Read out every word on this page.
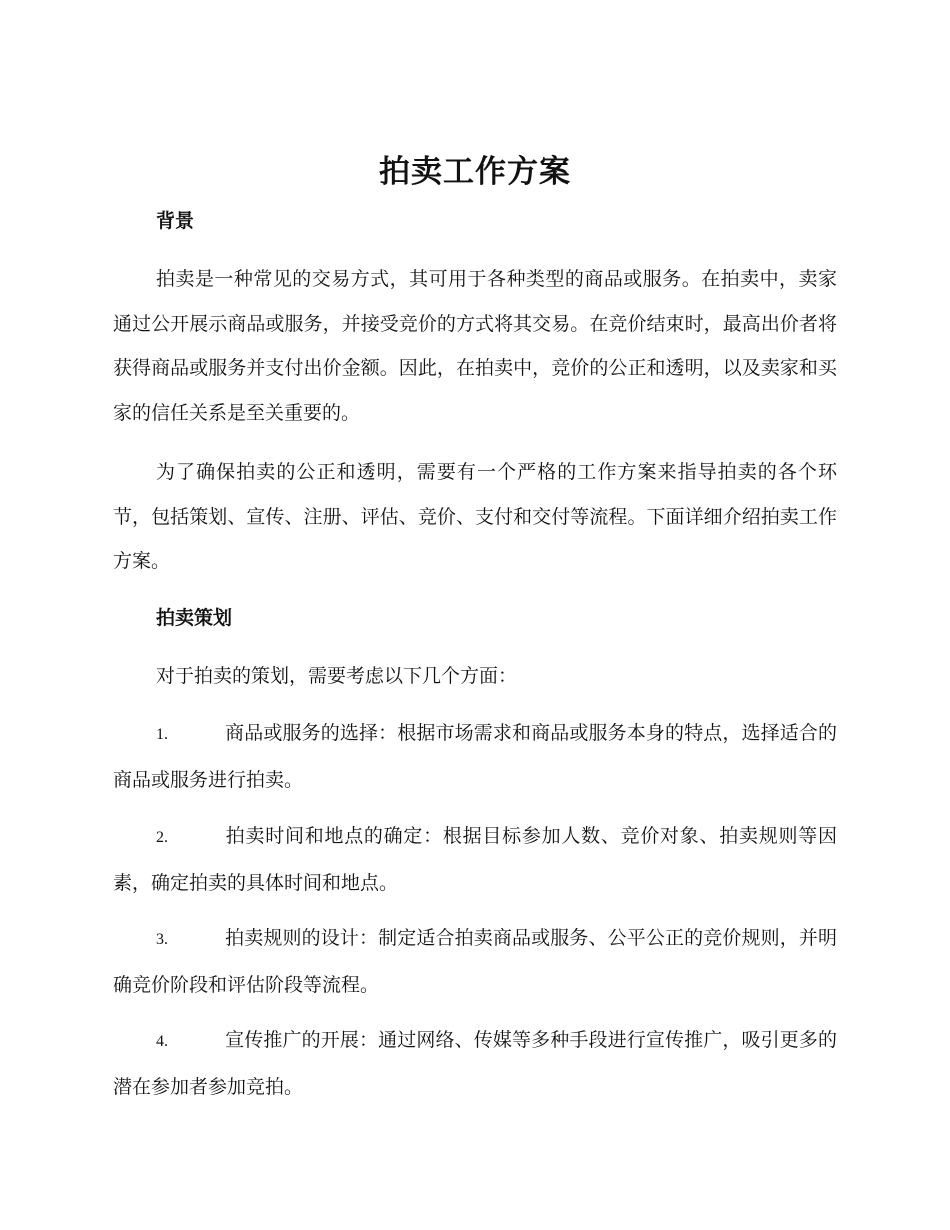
拍卖工作方案
背景

拍卖是一种常见的交易方式，其可用于各种类型的商品或服务。在拍卖中，卖家通过公开展示商品或服务，并接受竞价的方式将其交易。在竞价结束时，最高出价者将获得商品或服务并支付出价金额。因此，在拍卖中，竞价的公正和透明，以及卖家和买家的信任关系是至关重要的。

为了确保拍卖的公正和透明，需要有一个严格的工作方案来指导拍卖的各个环节，包括策划、宣传、注册、评估、竞价、支付和交付等流程。下面详细介绍拍卖工作方案。

拍卖策划

对于拍卖的策划，需要考虑以下几个方面：

1.	商品或服务的选择：根据市场需求和商品或服务本身的特点，选择适合的商品或服务进行拍卖。

2.	拍卖时间和地点的确定：根据目标参加人数、竞价对象、拍卖规则等因素，确定拍卖的具体时间和地点。

3.	拍卖规则的设计：制定适合拍卖商品或服务、公平公正的竞价规则，并明确竞价阶段和评估阶段等流程。

4.	宣传推广的开展：通过网络、传媒等多种手段进行宣传推广，吸引更多的潜在参加者参加竞拍。
